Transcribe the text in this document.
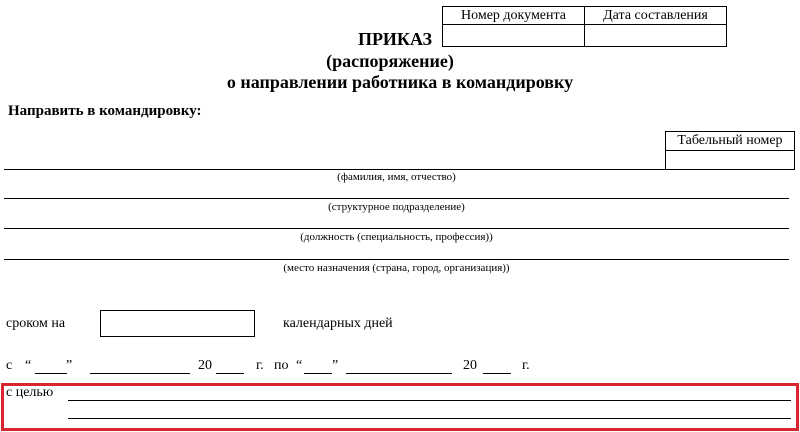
Номер документа	Дата составления

ПРИКАЗ
(распоряжение)
о направлении работника в командировку
Направить в командировку:
Табельный номер

(фамилия, имя, отчество)
(структурное подразделение)
(должность (специальность, профессия))
(место назначения (страна, город, организация))
сроком на	календарных дней
с “ ”	20	г. по “ ”	20	г.
с целью
